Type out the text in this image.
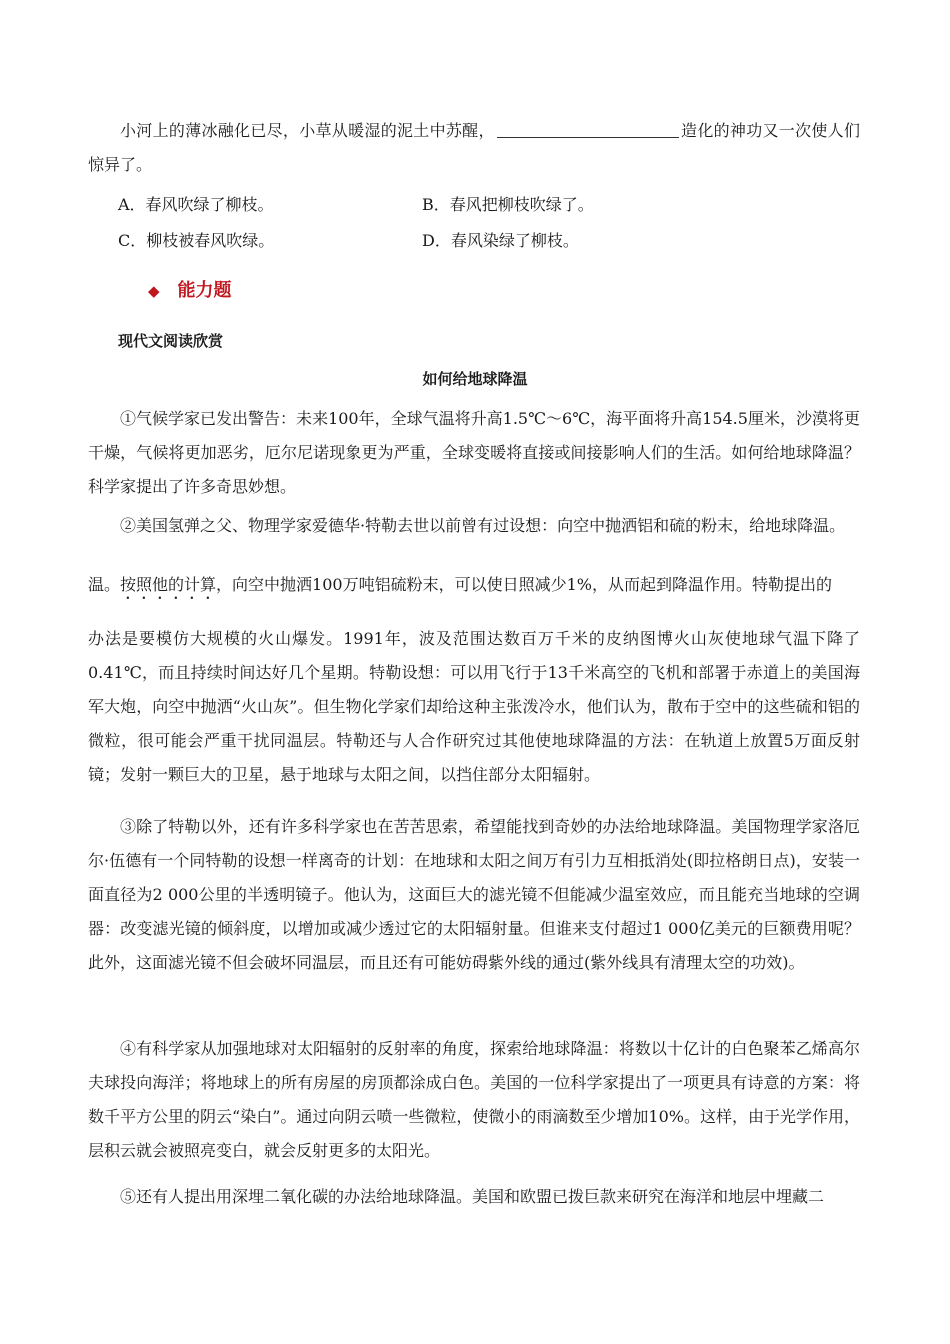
小河上的薄冰融化已尽，小草从暖湿的泥土中苏醒，	造化的神功又一次使人们惊异了。

A．春风吹绿了柳枝。	B．春风把柳枝吹绿了。
C．柳枝被春风吹绿。	D．春风染绿了柳枝。
◆ 能力题
现代文阅读欣赏
如何给地球降温

①气候学家已发出警告：未来100年，全球气温将升高1.5℃～6℃，海平面将升高154.5厘米，沙漠将更干燥，气候将更加恶劣，厄尔尼诺现象更为严重，全球变暖将直接或间接影响人们的生活。如何给地球降温？科学家提出了许多奇思妙想。

②美国氢弹之父、物理学家爱德华·特勒去世以前曾有过设想：向空中抛洒铝和硫的粉末，给地球降温。

温。按照他的计算，向空中抛洒100万吨铝硫粉末，可以使日照减少1%，从而起到降温作用。特勒提出的

办法是要模仿大规模的火山爆发。1991年，波及范围达数百万千米的皮纳图博火山灰使地球气温下降了0.41℃，而且持续时间达好几个星期。特勒设想：可以用飞行于13千米高空的飞机和部署于赤道上的美国海军大炮，向空中抛洒“火山灰”。但生物化学家们却给这种主张泼冷水，他们认为，散布于空中的这些硫和铝的微粒，很可能会严重干扰同温层。特勒还与人合作研究过其他使地球降温的方法：在轨道上放置5万面反射镜；发射一颗巨大的卫星，悬于地球与太阳之间，以挡住部分太阳辐射。

③除了特勒以外，还有许多科学家也在苦苦思索，希望能找到奇妙的办法给地球降温。美国物理学家洛厄尔·伍德有一个同特勒的设想一样离奇的计划：在地球和太阳之间万有引力互相抵消处(即拉格朗日点)，安装一面直径为2 000公里的半透明镜子。他认为，这面巨大的滤光镜不但能减少温室效应，而且能充当地球的空调器：改变滤光镜的倾斜度，以增加或减少透过它的太阳辐射量。但谁来支付超过1 000亿美元的巨额费用呢？此外，这面滤光镜不但会破坏同温层，而且还有可能妨碍紫外线的通过(紫外线具有清理太空的功效)。

④有科学家从加强地球对太阳辐射的反射率的角度，探索给地球降温：将数以十亿计的白色聚苯乙烯高尔夫球投向海洋；将地球上的所有房屋的房顶都涂成白色。美国的一位科学家提出了一项更具有诗意的方案：将数千平方公里的阴云“染白”。通过向阴云喷一些微粒，使微小的雨滴数至少增加10%。这样，由于光学作用，层积云就会被照亮变白，就会反射更多的太阳光。

⑤还有人提出用深埋二氧化碳的办法给地球降温。美国和欧盟已拨巨款来研究在海洋和地层中埋藏二
